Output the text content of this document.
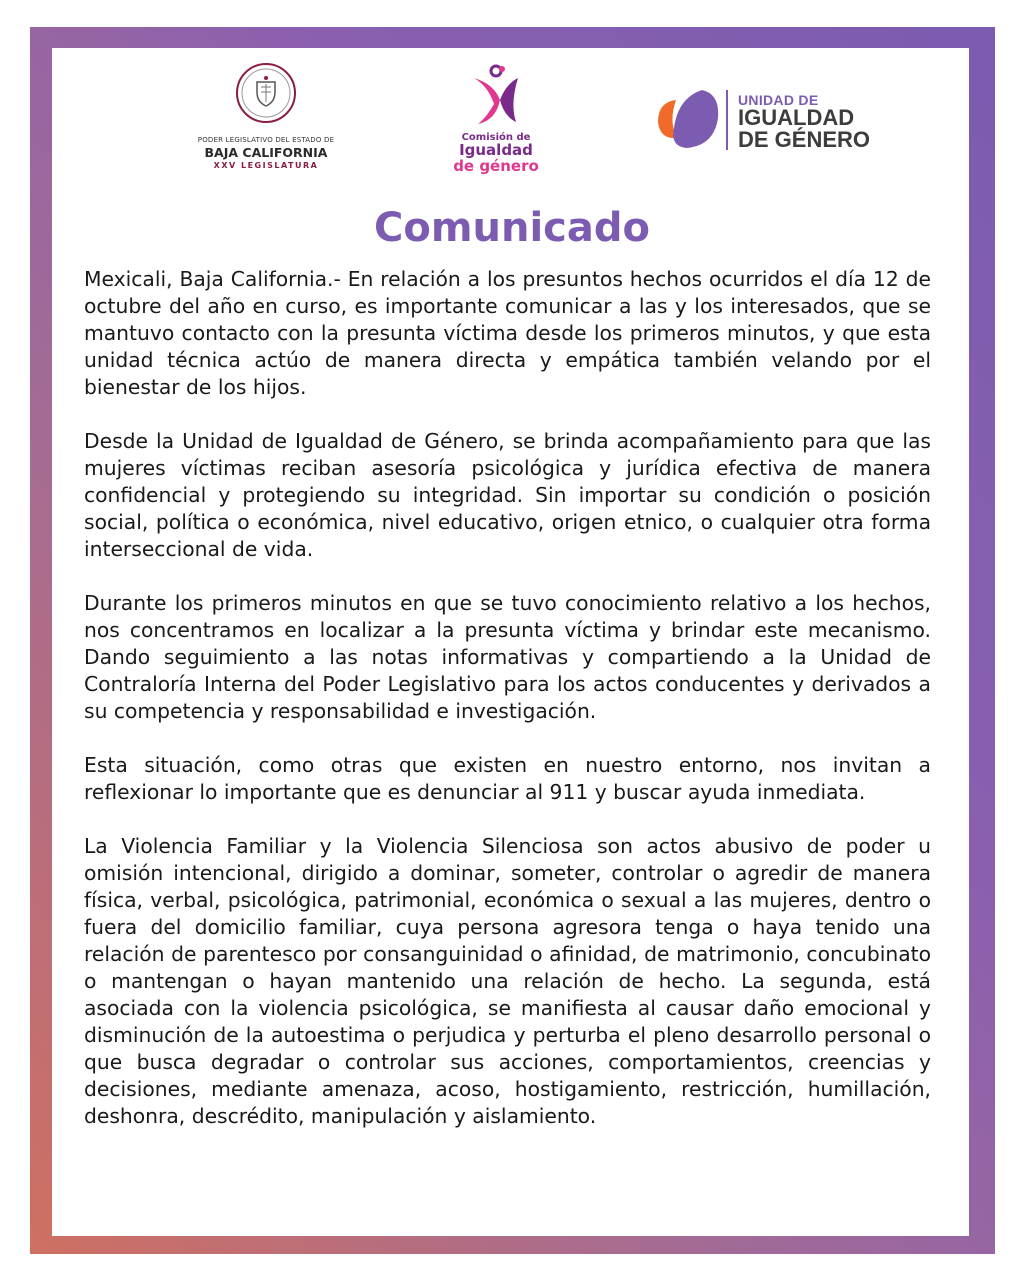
PODER LEGISLATIVO DEL ESTADO DE
BAJA CALIFORNIA
XXV LEGISLATURA
Comisión de
Igualdad
de género
UNIDAD DE
IGUALDAD
DE GÉNERO
Comunicado

Mexicali, Baja California.- En relación a los presuntos hechos ocurridos el día 12 de octubre del año en curso, es importante comunicar a las y los interesados, que se mantuvo contacto con la presunta víctima desde los primeros minutos, y que esta unidad técnica actúo de manera directa y empática también velando por el bienestar de los hijos.

Desde la Unidad de Igualdad de Género, se brinda acompañamiento para que las mujeres víctimas reciban asesoría psicológica y jurídica efectiva de manera confidencial y protegiendo su integridad. Sin importar su condición o posición social, política o económica, nivel educativo, origen etnico, o cualquier otra forma interseccional de vida.

Durante los primeros minutos en que se tuvo conocimiento relativo a los hechos, nos concentramos en localizar a la presunta víctima y brindar este mecanismo. Dando seguimiento a las notas informativas y compartiendo a la Unidad de Contraloría Interna del Poder Legislativo para los actos conducentes y derivados a su competencia y responsabilidad e investigación.

Esta situación, como otras que existen en nuestro entorno, nos invitan a reflexionar lo importante que es denunciar al 911 y buscar ayuda inmediata.

La Violencia Familiar y la Violencia Silenciosa son actos abusivo de poder u omisión intencional, dirigido a dominar, someter, controlar o agredir de manera física, verbal, psicológica, patrimonial, económica o sexual a las mujeres, dentro o fuera del domicilio familiar, cuya persona agresora tenga o haya tenido una relación de parentesco por consanguinidad o afinidad, de matrimonio, concubinato o mantengan o hayan mantenido una relación de hecho. La segunda, está asociada con la violencia psicológica, se manifiesta al causar daño emocional y disminución de la autoestima o perjudica y perturba el pleno desarrollo personal o que busca degradar o controlar sus acciones, comportamientos, creencias y decisiones, mediante amenaza, acoso, hostigamiento, restricción, humillación, deshonra, descrédito, manipulación y aislamiento.
